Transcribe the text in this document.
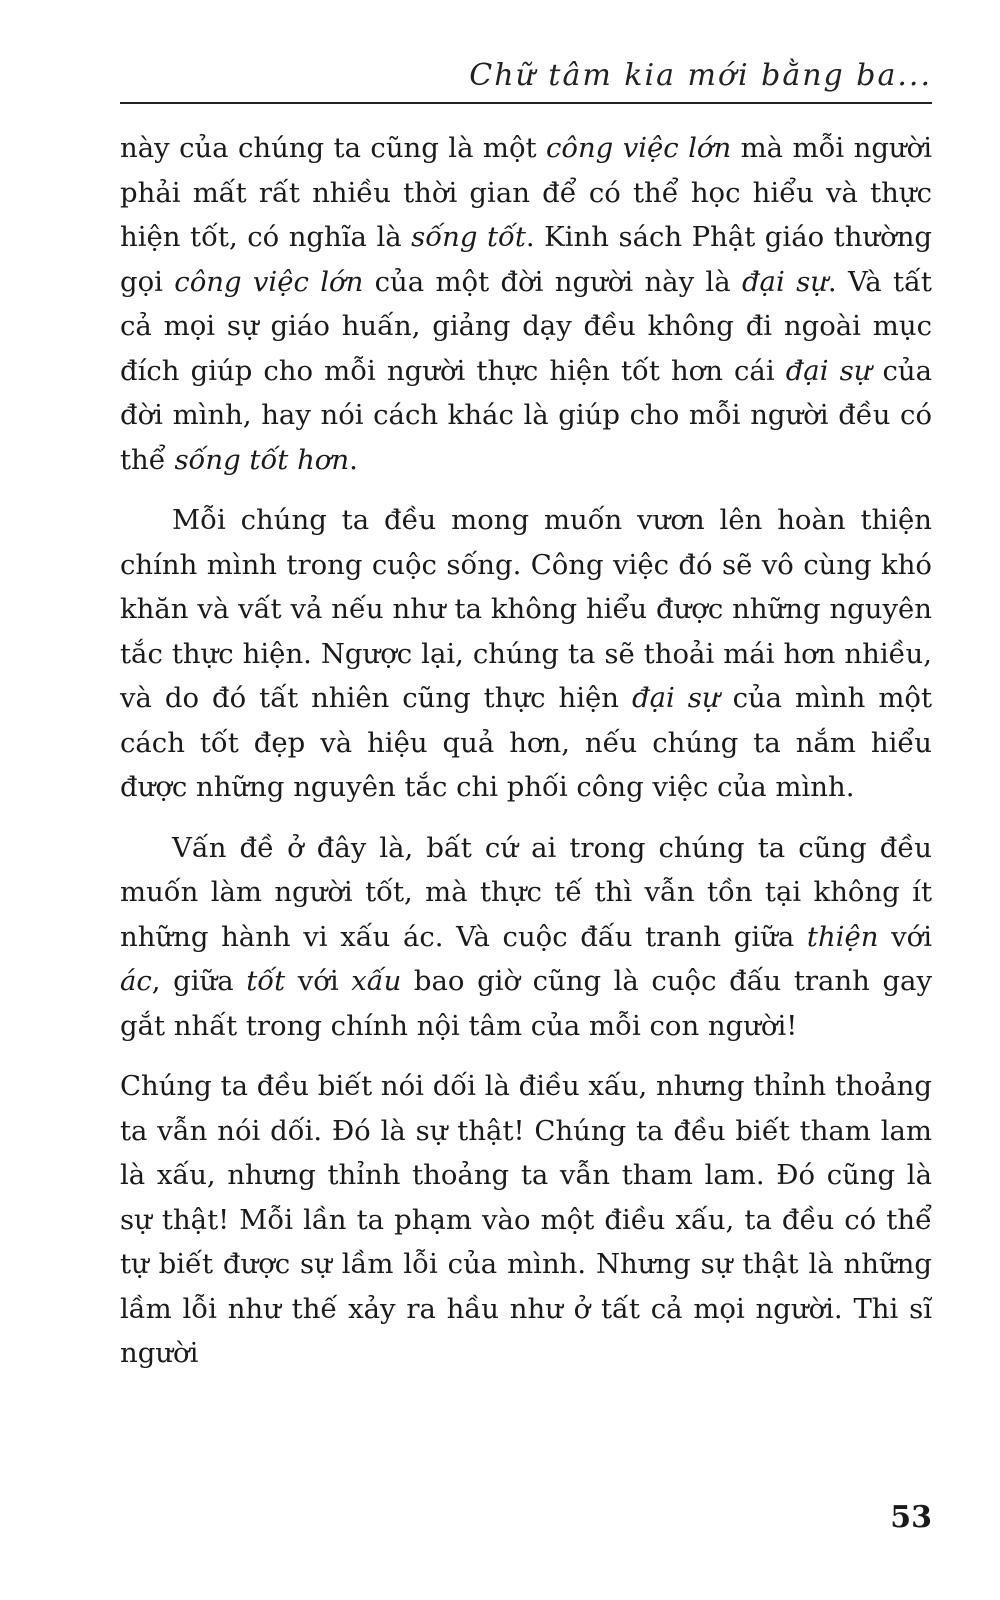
Chữ tâm kia mới bằng ba...

này của chúng ta cũng là một công việc lớn mà mỗi người phải mất rất nhiều thời gian để có thể học hiểu và thực hiện tốt, có nghĩa là sống tốt. Kinh sách Phật giáo thường gọi công việc lớn của một đời người này là đại sự. Và tất cả mọi sự giáo huấn, giảng dạy đều không đi ngoài mục đích giúp cho mỗi người thực hiện tốt hơn cái đại sự của đời mình, hay nói cách khác là giúp cho mỗi người đều có thể sống tốt hơn.

Mỗi chúng ta đều mong muốn vươn lên hoàn thiện chính mình trong cuộc sống. Công việc đó sẽ vô cùng khó khăn và vất vả nếu như ta không hiểu được những nguyên tắc thực hiện. Ngược lại, chúng ta sẽ thoải mái hơn nhiều, và do đó tất nhiên cũng thực hiện đại sự của mình một cách tốt đẹp và hiệu quả hơn, nếu chúng ta nắm hiểu được những nguyên tắc chi phối công việc của mình.

Vấn đề ở đây là, bất cứ ai trong chúng ta cũng đều muốn làm người tốt, mà thực tế thì vẫn tồn tại không ít những hành vi xấu ác. Và cuộc đấu tranh giữa thiện với ác, giữa tốt với xấu bao giờ cũng là cuộc đấu tranh gay gắt nhất trong chính nội tâm của mỗi con người!

Chúng ta đều biết nói dối là điều xấu, nhưng thỉnh thoảng ta vẫn nói dối. Đó là sự thật! Chúng ta đều biết tham lam là xấu, nhưng thỉnh thoảng ta vẫn tham lam. Đó cũng là sự thật! Mỗi lần ta phạm vào một điều xấu, ta đều có thể tự biết được sự lầm lỗi của mình. Nhưng sự thật là những lầm lỗi như thế xảy ra hầu như ở tất cả mọi người. Thi sĩ người

53
